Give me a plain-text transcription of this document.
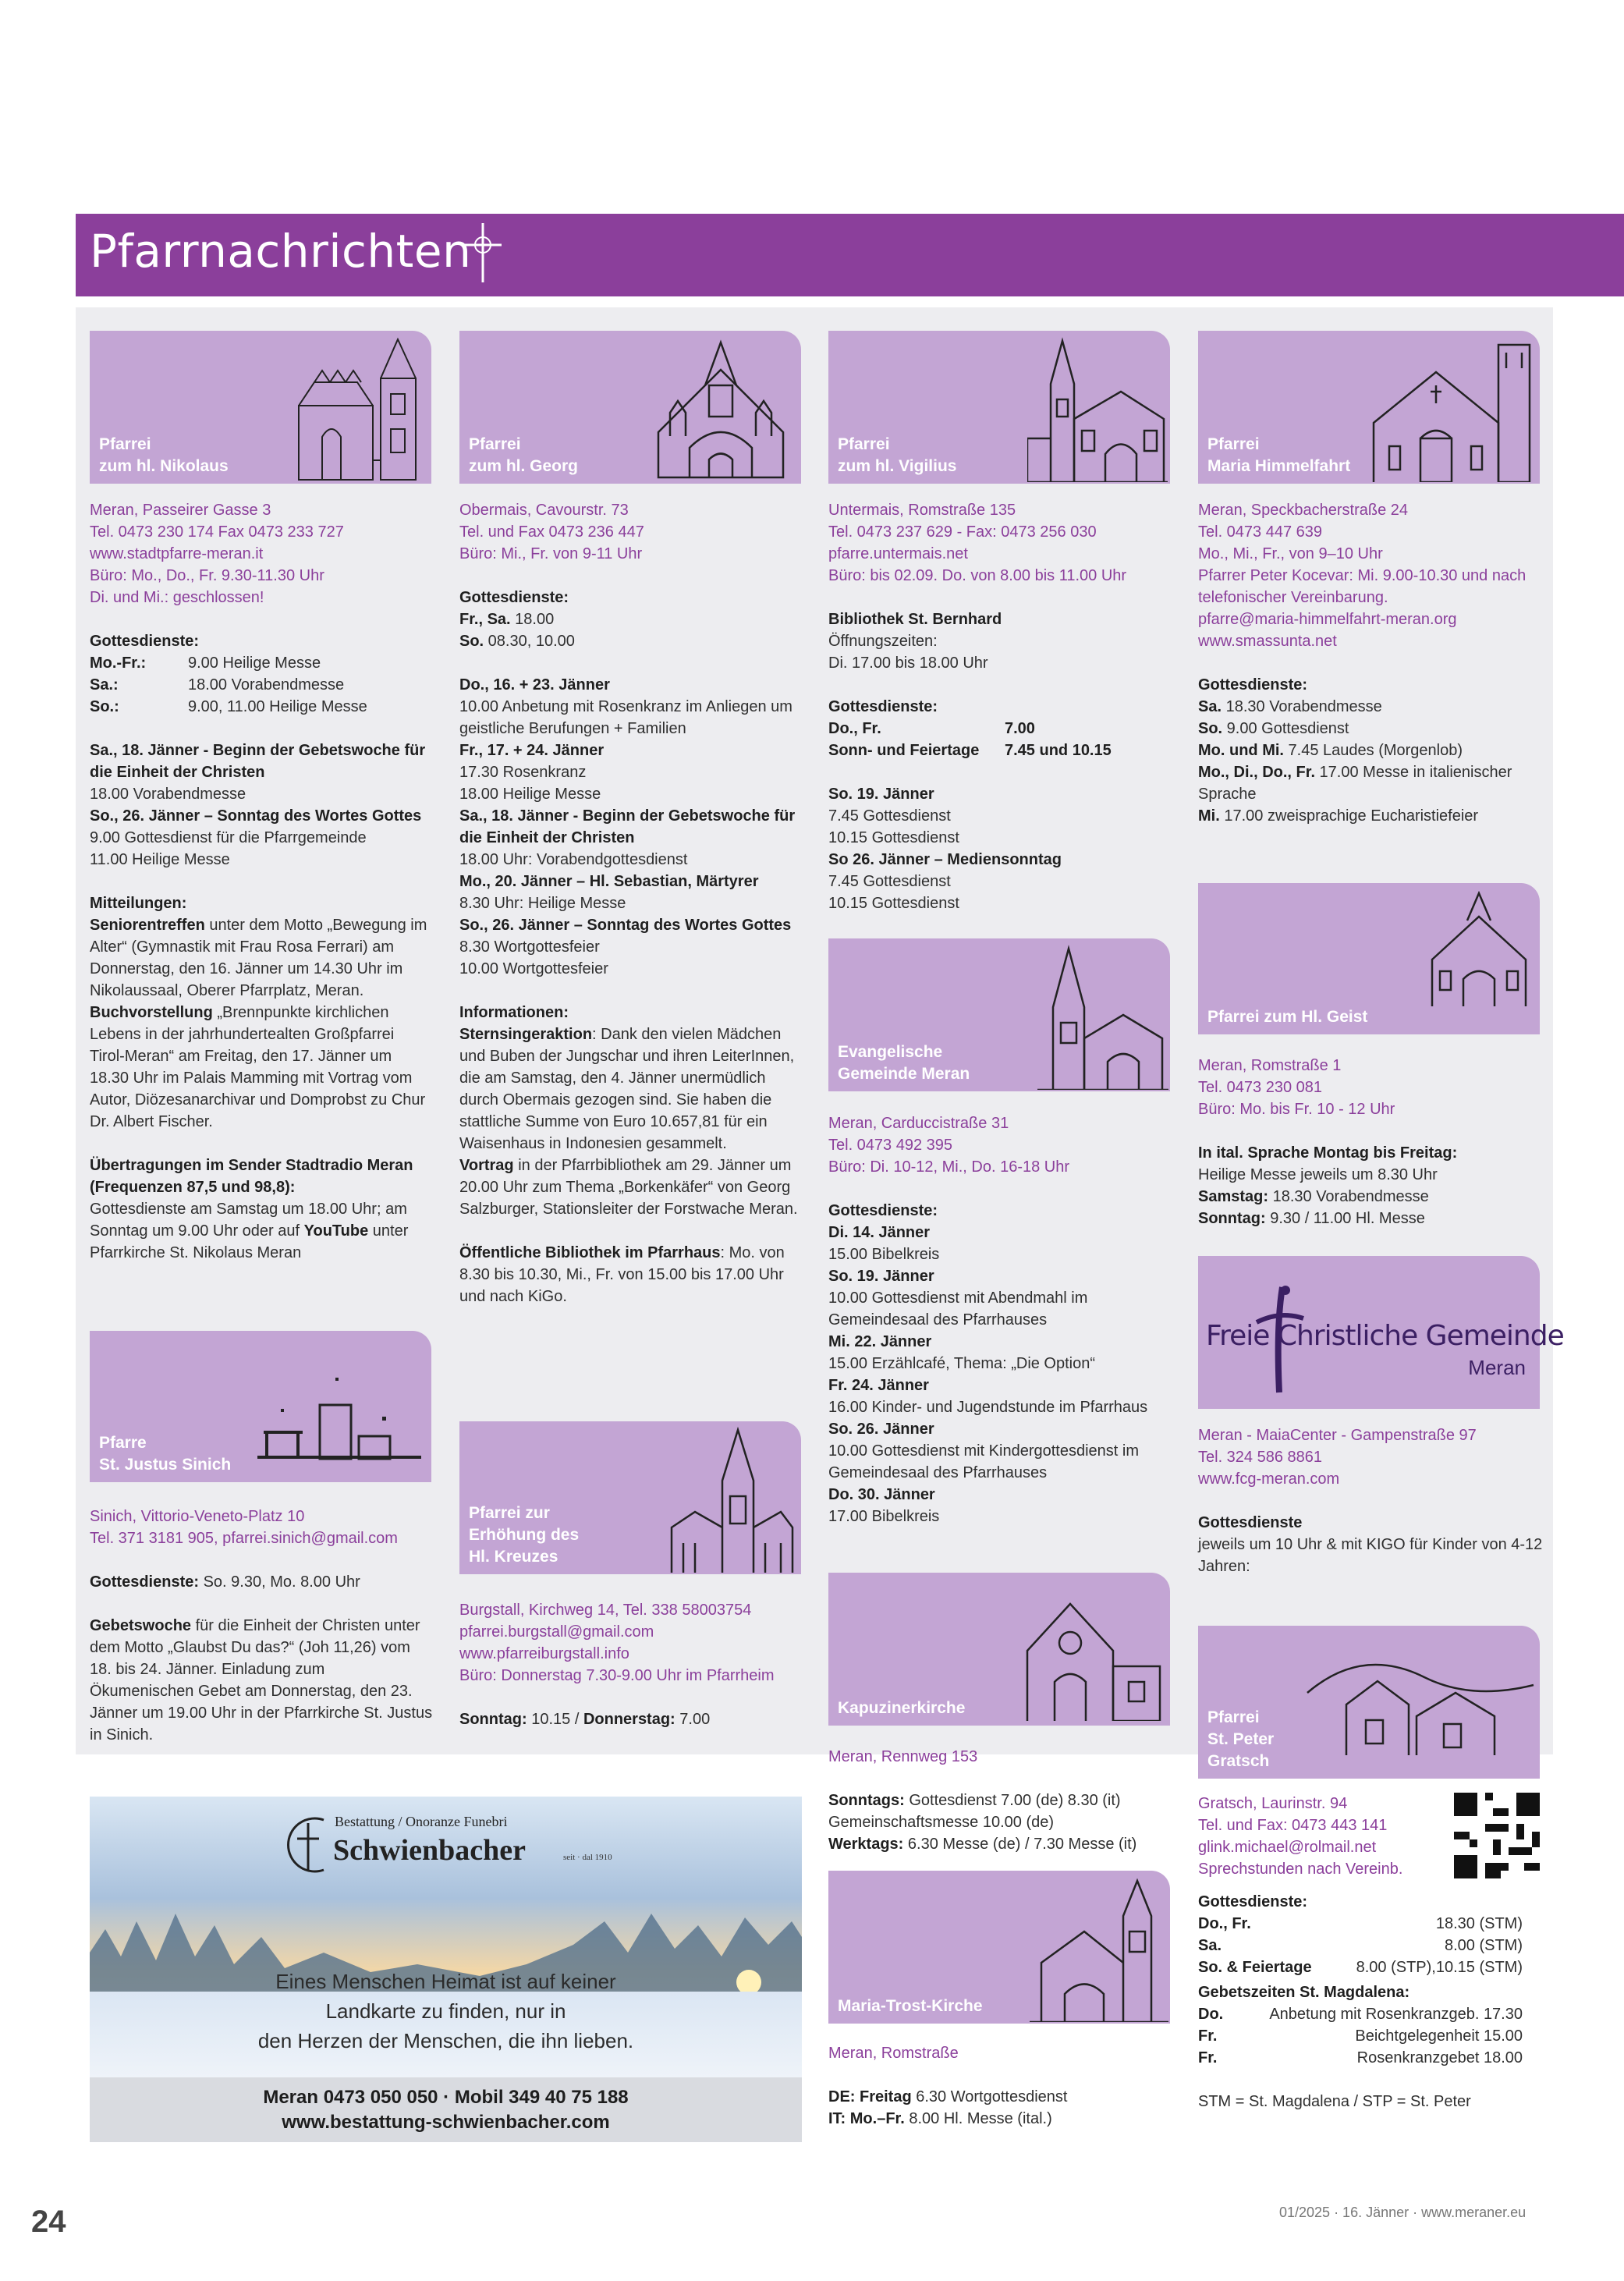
Pfarrnachrichten
Pfarrei
zum hl. Nikolaus
Meran, Passeirer Gasse 3
Tel. 0473 230 174 Fax 0473 233 727
www.stadtpfarre-meran.it
Büro: Mo., Do., Fr. 9.30-11.30 Uhr
Di. und Mi.: geschlossen!
Gottesdienste:
Mo.-Fr.:	9.00 Heilige Messe
Sa.:	18.00 Vorabendmesse
So.:	9.00, 11.00 Heilige Messe
Sa., 18. Jänner - Beginn der Gebetswoche für die Einheit der Christen
18.00 Vorabendmesse
So., 26. Jänner – Sonntag des Wortes Gottes
9.00 Gottesdienst für die Pfarrgemeinde
11.00 Heilige Messe
Mitteilungen:
Seniorentreffen unter dem Motto „Bewegung im Alter“ (Gymnastik mit Frau Rosa Ferrari) am Donnerstag, den 16. Jänner um 14.30 Uhr im Nikolaussaal, Oberer Pfarrplatz, Meran.
Buchvorstellung „Brennpunkte kirchlichen Lebens in der jahrhundertealten Großpfarrei Tirol-Meran“ am Freitag, den 17. Jänner um 18.30 Uhr im Palais Mamming mit Vortrag vom Autor, Diözesanarchivar und Domprobst zu Chur Dr. Albert Fischer.
Übertragungen im Sender Stadtradio Meran (Frequenzen 87,5 und 98,8):
Gottesdienste am Samstag um 18.00 Uhr; am Sonntag um 9.00 Uhr oder auf YouTube unter Pfarrkirche St. Nikolaus Meran
Pfarre
St. Justus Sinich
Sinich, Vittorio-Veneto-Platz 10
Tel. 371 3181 905, pfarrei.sinich@gmail.com
Gottesdienste: So. 9.30, Mo. 8.00 Uhr
Gebetswoche für die Einheit der Christen unter dem Motto „Glaubst Du das?“ (Joh 11,26) vom 18. bis 24. Jänner. Einladung zum Ökumenischen Gebet am Donnerstag, den 23. Jänner um 19.00 Uhr in der Pfarrkirche St. Justus in Sinich.
Pfarrei
zum hl. Georg
Obermais, Cavourstr. 73
Tel. und Fax 0473 236 447
Büro: Mi., Fr. von 9-11 Uhr
Gottesdienste:
Fr., Sa. 18.00
So. 08.30, 10.00
Do., 16. + 23. Jänner
10.00 Anbetung mit Rosenkranz im Anliegen um geistliche Berufungen + Familien
Fr., 17. + 24. Jänner
17.30 Rosenkranz
18.00 Heilige Messe
Sa., 18. Jänner - Beginn der Gebetswoche für die Einheit der Christen
18.00 Uhr: Vorabendgottesdienst
Mo., 20. Jänner – Hl. Sebastian, Märtyrer
8.30 Uhr: Heilige Messe
So., 26. Jänner – Sonntag des Wortes Gottes
8.30 Wortgottesfeier
10.00 Wortgottesfeier
Informationen:
Sternsingeraktion: Dank den vielen Mädchen und Buben der Jungschar und ihren LeiterInnen, die am Samstag, den 4. Jänner unermüdlich durch Obermais gezogen sind. Sie haben die stattliche Summe von Euro 10.657,81 für ein Waisenhaus in Indonesien gesammelt.
Vortrag in der Pfarrbibliothek am 29. Jänner um 20.00 Uhr zum Thema „Borkenkäfer“ von Georg Salzburger, Stationsleiter der Forstwache Meran.
Öffentliche Bibliothek im Pfarrhaus: Mo. von 8.30 bis 10.30, Mi., Fr. von 15.00 bis 17.00 Uhr und nach KiGo.
Pfarrei zur
Erhöhung des
Hl. Kreuzes
Burgstall, Kirchweg 14, Tel. 338 58003754
pfarrei.burgstall@gmail.com
www.pfarreiburgstall.info
Büro: Donnerstag 7.30-9.00 Uhr im Pfarrheim
Sonntag: 10.15 / Donnerstag: 7.00
Pfarrei
zum hl. Vigilius
Untermais, Romstraße 135
Tel. 0473 237 629 - Fax: 0473 256 030
pfarre.untermais.net
Büro: bis 02.09. Do. von 8.00 bis 11.00 Uhr
Bibliothek St. Bernhard
Öffnungszeiten:
Di. 17.00 bis 18.00 Uhr
Gottesdienste:
Do., Fr.	7.00
Sonn- und Feiertage	7.45 und 10.15
So. 19. Jänner
7.45 Gottesdienst
10.15 Gottesdienst
So 26. Jänner – Mediensonntag
7.45 Gottesdienst
10.15 Gottesdienst
Evangelische
Gemeinde Meran
Meran, Carduccistraße 31
Tel. 0473 492 395
Büro: Di. 10-12, Mi., Do. 16-18 Uhr
Gottesdienste:
Di. 14. Jänner
15.00 Bibelkreis
So. 19. Jänner
10.00 Gottesdienst mit Abendmahl im Gemeindesaal des Pfarrhauses
Mi. 22. Jänner
15.00 Erzählcafé, Thema: „Die Option“
Fr. 24. Jänner
16.00 Kinder- und Jugendstunde im Pfarrhaus
So. 26. Jänner
10.00 Gottesdienst mit Kindergottesdienst im Gemeindesaal des Pfarrhauses
Do. 30. Jänner
17.00 Bibelkreis
Kapuzinerkirche
Meran, Rennweg 153
Sonntags: Gottesdienst 7.00 (de) 8.30 (it) Gemeinschaftsmesse 10.00 (de)
Werktags: 6.30 Messe (de) / 7.30 Messe (it)
Maria-Trost-Kirche
Meran, Romstraße
DE: Freitag 6.30 Wortgottesdienst
IT: Mo.–Fr. 8.00 Hl. Messe (ital.)
Pfarrei
Maria Himmelfahrt
Meran, Speckbacherstraße 24
Tel. 0473 447 639
Mo., Mi., Fr., von 9–10 Uhr
Pfarrer Peter Kocevar: Mi. 9.00-10.30 und nach telefonischer Vereinbarung.
pfarre@maria-himmelfahrt-meran.org
www.smassunta.net
Gottesdienste:
Sa. 18.30 Vorabendmesse
So. 9.00 Gottesdienst
Mo. und Mi. 7.45 Laudes (Morgenlob)
Mo., Di., Do., Fr. 17.00 Messe in italienischer Sprache
Mi. 17.00 zweisprachige Eucharistiefeier
Pfarrei zum Hl. Geist
Meran, Romstraße 1
Tel. 0473 230 081
Büro: Mo. bis Fr. 10 - 12 Uhr
In ital. Sprache Montag bis Freitag:
Heilige Messe jeweils um 8.30 Uhr
Samstag: 18.30 Vorabendmesse
Sonntag: 9.30 / 11.00 Hl. Messe
Freie Christliche Gemeinde
Meran
Meran - MaiaCenter - Gampenstraße 97
Tel. 324 586 8861
www.fcg-meran.com
Gottesdienste
jeweils um 10 Uhr & mit KIGO für Kinder von 4-12 Jahren:
Pfarrei
St. Peter
Gratsch
Gratsch, Laurinstr. 94
Tel. und Fax: 0473 443 141
glink.michael@rolmail.net
Sprechstunden nach Vereinb.
Gottesdienste:
Do., Fr.	18.30 (STM)
Sa.	8.00 (STM)
So. & Feiertage	8.00 (STP),10.15 (STM)
Gebetszeiten St. Magdalena:
Do.	Anbetung mit Rosenkranzgeb. 17.30
Fr.	Beichtgelegenheit 15.00
Fr.	Rosenkranzgebet 18.00
STM = St. Magdalena / STP = St. Peter
Bestattung / Onoranze Funebri
Schwienbacher	seit · dal 1910
Eines Menschen Heimat ist auf keiner
Landkarte zu finden, nur in
den Herzen der Menschen, die ihn lieben.
Meran 0473 050 050 · Mobil 349 40 75 188
www.bestattung-schwienbacher.com
24	01/2025 · 16. Jänner · www.meraner.eu
